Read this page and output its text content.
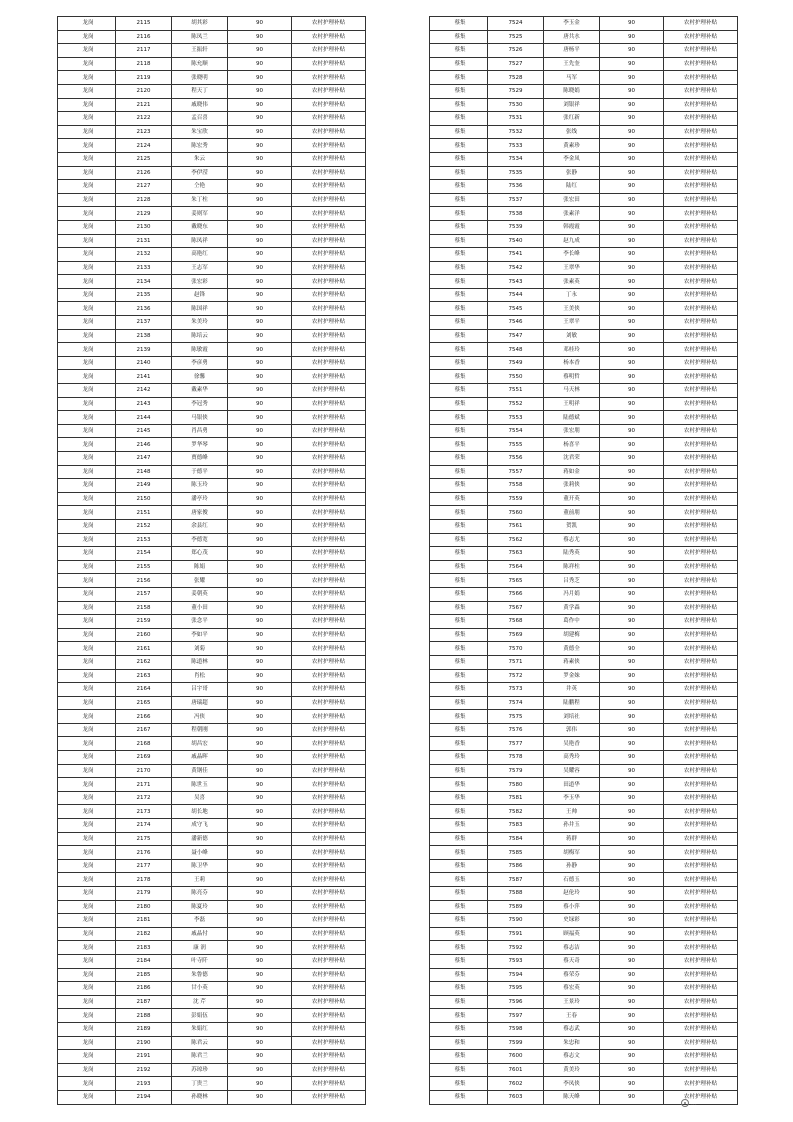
龙岗	2115	胡其彩	90	农村护理补贴
龙岗	2116	陈凤兰	90	农村护理补贴
龙岗	2117	王振轩	90	农村护理补贴
龙岗	2118	陈允顺	90	农村护理补贴
龙岗	2119	张晓明	90	农村护理补贴
龙岗	2120	程天丁	90	农村护理补贴
龙岗	2121	戚晓伟	90	农村护理补贴
龙岗	2122	孟召喜	90	农村护理补贴
龙岗	2123	朱宝欣	90	农村护理补贴
龙岗	2124	陈宏秀	90	农村护理补贴
龙岗	2125	朱云	90	农村护理补贴
龙岗	2126	李伊滢	90	农村护理补贴
龙岗	2127	仝艳	90	农村护理补贴
龙岗	2128	朱丁柱	90	农村护理补贴
龙岗	2129	姜则军	90	农村护理补贴
龙岗	2130	戴晓东	90	农村护理补贴
龙岗	2131	陈凤祥	90	农村护理补贴
龙岗	2132	高艳红	90	农村护理补贴
龙岗	2133	王志军	90	农村护理补贴
龙岗	2134	张宏彩	90	农村护理补贴
龙岗	2135	赵锋	90	农村护理补贴
龙岗	2136	陈国祥	90	农村护理补贴
龙岗	2137	朱美玲	90	农村护理补贴
龙岗	2138	陈培云	90	农村护理补贴
龙岗	2139	陈敏霞	90	农村护理补贴
龙岗	2140	李彦勇	90	农村护理补贴
龙岗	2141	徐馨	90	农村护理补贴
龙岗	2142	戴素华	90	农村护理补贴
龙岗	2143	李冠秀	90	农村护理补贴
龙岗	2144	马银侠	90	农村护理补贴
龙岗	2145	肖昌勇	90	农村护理补贴
龙岗	2146	罗华琴	90	农村护理补贴
龙岗	2147	贾德峰	90	农村护理补贴
龙岗	2148	于德平	90	农村护理补贴
龙岗	2149	陈玉玲	90	农村护理补贴
龙岗	2150	潘亭玲	90	农村护理补贴
龙岗	2151	唐家俊	90	农村护理补贴
龙岗	2152	余县红	90	农村护理补贴
龙岗	2153	李德宽	90	农村护理补贴
龙岗	2154	郑心茂	90	农村护理补贴
龙岗	2155	陈娟	90	农村护理补贴
龙岗	2156	张耀	90	农村护理补贴
龙岗	2157	姜朝英	90	农村护理补贴
龙岗	2158	董小田	90	农村护理补贴
龙岗	2159	张念平	90	农村护理补贴
龙岗	2160	李如平	90	农村护理补贴
龙岗	2161	刘菊	90	农村护理补贴
龙岗	2162	陈道林	90	农村护理补贴
龙岗	2163	肖松	90	农村护理补贴
龙岗	2164	吕宇哥	90	农村护理补贴
龙岗	2165	唐瑞超	90	农村护理补贴
龙岗	2166	冯侠	90	农村护理补贴
龙岗	2167	程朝刚	90	农村护理补贴
龙岗	2168	胡昌宏	90	农村护理补贴
龙岗	2169	戚晶晖	90	农村护理补贴
龙岗	2170	黄钢佳	90	农村护理补贴
龙岗	2171	陈世玉	90	农村护理补贴
龙岗	2172	吴喜	90	农村护理补贴
龙岗	2173	胡长地	90	农村护理补贴
龙岗	2174	成守飞	90	农村护理补贴
龙岗	2175	潘新德	90	农村护理补贴
龙岗	2176	聂小峰	90	农村护理补贴
龙岗	2177	陈卫华	90	农村护理补贴
龙岗	2178	王莉	90	农村护理补贴
龙岗	2179	陈亮芬	90	农村护理补贴
龙岗	2180	陈夏玲	90	农村护理补贴
龙岗	2181	李磊	90	农村护理补贴
龙岗	2182	戚晶付	90	农村护理补贴
龙岗	2183	康 润	90	农村护理补贴
龙岗	2184	叶寺阡	90	农村护理补贴
龙岗	2185	朱鲁德	90	农村护理补贴
龙岗	2186	甘小英	90	农村护理补贴
龙岗	2187	沈 芹	90	农村护理补贴
龙岗	2188	彭娟伍	90	农村护理补贴
龙岗	2189	朱娟红	90	农村护理补贴
龙岗	2190	陈君云	90	农村护理补贴
龙岗	2191	陈君兰	90	农村护理补贴
龙岗	2192	苏琼珍	90	农村护理补贴
龙岗	2193	丁贵兰	90	农村护理补贴
龙岗	2194	孙晓林	90	农村护理补贴
蔡集	7524	李玉金	90	农村护理补贴
蔡集	7525	唐共水	90	农村护理补贴
蔡集	7526	唐杨平	90	农村护理补贴
蔡集	7527	王先奎	90	农村护理补贴
蔡集	7528	马军	90	农村护理补贴
蔡集	7529	陈晓娟	90	农村护理补贴
蔡集	7530	刘银祥	90	农村护理补贴
蔡集	7531	张红新	90	农村护理补贴
蔡集	7532	张线	90	农村护理补贴
蔡集	7533	黄素珍	90	农村护理补贴
蔡集	7534	李金凤	90	农村护理补贴
蔡集	7535	张静	90	农村护理补贴
蔡集	7536	陆红	90	农村护理补贴
蔡集	7537	张宏田	90	农村护理补贴
蔡集	7538	张素洋	90	农村护理补贴
蔡集	7539	韩霞霞	90	农村护理补贴
蔡集	7540	赵九成	90	农村护理补贴
蔡集	7541	李长峰	90	农村护理补贴
蔡集	7542	王翠华	90	农村护理补贴
蔡集	7543	张素英	90	农村护理补贴
蔡集	7544	丁永	90	农村护理补贴
蔡集	7545	王美侠	90	农村护理补贴
蔡集	7546	王翠平	90	农村护理补贴
蔡集	7547	刘敏	90	农村护理补贴
蔡集	7548	邓桂玲	90	农村护理补贴
蔡集	7549	杨本香	90	农村护理补贴
蔡集	7550	蔡明哲	90	农村护理补贴
蔡集	7551	马天林	90	农村护理补贴
蔡集	7552	王明祥	90	农村护理补贴
蔡集	7553	陆德斌	90	农村护理补贴
蔡集	7554	张宏朋	90	农村护理补贴
蔡集	7555	杨喜平	90	农村护理补贴
蔡集	7556	沈君荣	90	农村护理补贴
蔡集	7557	蒋如金	90	农村护理补贴
蔡集	7558	张莉侠	90	农村护理补贴
蔡集	7559	董开英	90	农村护理补贴
蔡集	7560	董前朋	90	农村护理补贴
蔡集	7561	贺凯	90	农村护理补贴
蔡集	7562	蔡志尤	90	农村护理补贴
蔡集	7563	陆秀英	90	农村护理补贴
蔡集	7564	陈祥柱	90	农村护理补贴
蔡集	7565	吕秀芝	90	农村护理补贴
蔡集	7566	冯月娟	90	农村护理补贴
蔡集	7567	黄学森	90	农村护理补贴
蔡集	7568	葛作中	90	农村护理补贴
蔡集	7569	胡建梅	90	农村护理补贴
蔡集	7570	黄德全	90	农村护理补贴
蔡集	7571	蒋素侠	90	农村护理补贴
蔡集	7572	罗金妹	90	农村护理补贴
蔡集	7573	井英	90	农村护理补贴
蔡集	7574	陆鹏程	90	农村护理补贴
蔡集	7575	刘培社	90	农村护理补贴
蔡集	7576	郭伟	90	农村护理补贴
蔡集	7577	吴艳香	90	农村护理补贴
蔡集	7578	高秀玲	90	农村护理补贴
蔡集	7579	吴耀容	90	农村护理补贴
蔡集	7580	田道华	90	农村护理补贴
蔡集	7581	李玉华	90	农村护理补贴
蔡集	7582	王帅	90	农村护理补贴
蔡集	7583	孙井玉	90	农村护理补贴
蔡集	7584	蒋群	90	农村护理补贴
蔡集	7585	胡梅军	90	农村护理补贴
蔡集	7586	孙静	90	农村护理补贴
蔡集	7587	石德玉	90	农村护理补贴
蔡集	7588	赵伦玲	90	农村护理补贴
蔡集	7589	蔡小萍	90	农村护理补贴
蔡集	7590	史绿彩	90	农村护理补贴
蔡集	7591	顾福英	90	农村护理补贴
蔡集	7592	蔡志洁	90	农村护理补贴
蔡集	7593	蔡天奇	90	农村护理补贴
蔡集	7594	蔡荣芬	90	农村护理补贴
蔡集	7595	蔡宏英	90	农村护理补贴
蔡集	7596	王景玲	90	农村护理补贴
蔡集	7597	王春	90	农村护理补贴
蔡集	7598	蔡志武	90	农村护理补贴
蔡集	7599	朱忠和	90	农村护理补贴
蔡集	7600	蔡志文	90	农村护理补贴
蔡集	7601	黄美玲	90	农村护理补贴
蔡集	7602	李凤侠	90	农村护理补贴
蔡集	7603	陈天峰	90	农村护理补贴
...
